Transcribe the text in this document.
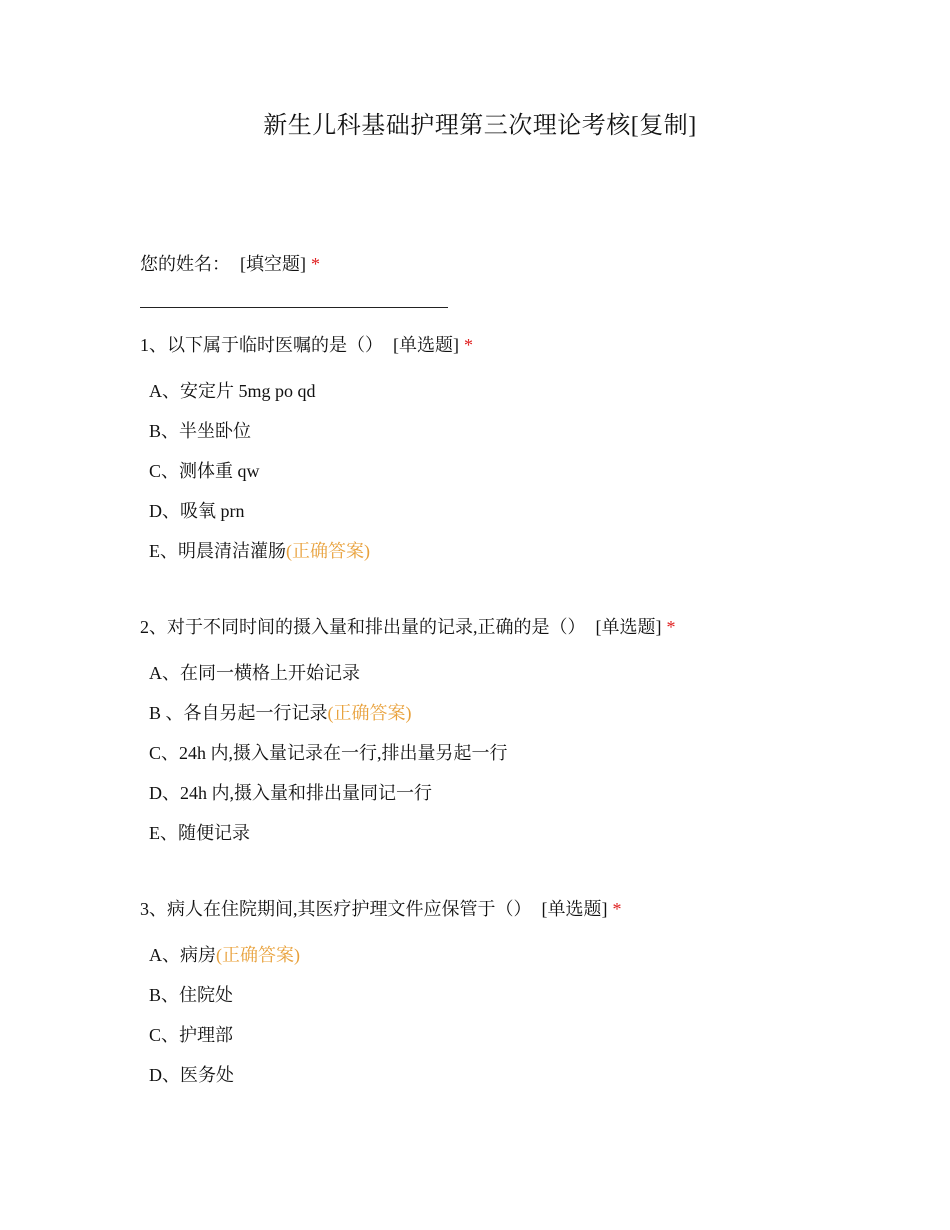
新生儿科基础护理第三次理论考核[复制]
您的姓名： [填空题] *
1、以下属于临时医嘱的是（） [单选题] *
A、安定片 5mg po qd
B、半坐卧位
C、测体重 qw
D、吸氧 prn
E、明晨清洁灌肠(正确答案)
2、对于不同时间的摄入量和排出量的记录,正确的是（） [单选题] *
A、在同一横格上开始记录
B 、各自另起一行记录(正确答案)
C、24h 内,摄入量记录在一行,排出量另起一行
D、24h 内,摄入量和排出量同记一行
E、随便记录
3、病人在住院期间,其医疗护理文件应保管于（） [单选题] *
A、病房(正确答案)
B、住院处
C、护理部
D、医务处
